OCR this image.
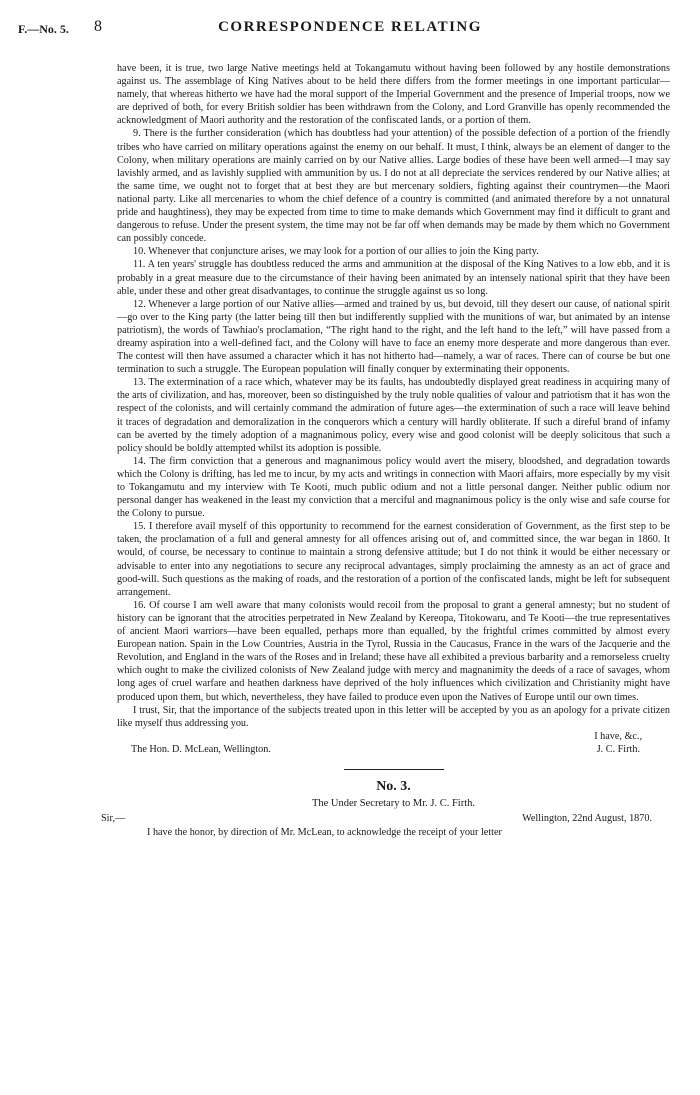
F.—No. 5. 8	CORRESPONDENCE RELATING

have been, it is true, two large Native meetings held at Tokangamutu without having been followed by any hostile demonstrations against us. The assemblage of King Natives about to be held there differs from the former meetings in one important particular—namely, that whereas hitherto we have had the moral support of the Imperial Government and the presence of Imperial troops, now we are deprived of both, for every British soldier has been withdrawn from the Colony, and Lord Granville has openly recommended the acknowledgment of Maori authority and the restoration of the confiscated lands, or a portion of them.

9. There is the further consideration (which has doubtless had your attention) of the possible defection of a portion of the friendly tribes who have carried on military operations against the enemy on our behalf. It must, I think, always be an element of danger to the Colony, when military operations are mainly carried on by our Native allies. Large bodies of these have been well armed—I may say lavishly armed, and as lavishly supplied with ammunition by us. I do not at all depreciate the services rendered by our Native allies; at the same time, we ought not to forget that at best they are but mercenary soldiers, fighting against their countrymen—the Maori national party. Like all mercenaries to whom the chief defence of a country is committed (and animated therefore by a not unnatural pride and haughtiness), they may be expected from time to time to make demands which Government may find it difficult to grant and dangerous to refuse. Under the present system, the time may not be far off when demands may be made by them which no Government can possibly concede.

10. Whenever that conjuncture arises, we may look for a portion of our allies to join the King party.

11. A ten years' struggle has doubtless reduced the arms and ammunition at the disposal of the King Natives to a low ebb, and it is probably in a great measure due to the circumstance of their having been animated by an intensely national spirit that they have been able, under these and other great disadvantages, to continue the struggle against us so long.

12. Whenever a large portion of our Native allies—armed and trained by us, but devoid, till they desert our cause, of national spirit—go over to the King party (the latter being till then but indifferently supplied with the munitions of war, but animated by an intense patriotism), the words of Tawhiao's proclamation, “The right hand to the right, and the left hand to the left,” will have passed from a dreamy aspiration into a well-defined fact, and the Colony will have to face an enemy more desperate and more dangerous than ever. The contest will then have assumed a character which it has not hitherto had—namely, a war of races. There can of course be but one termination to such a struggle. The European population will finally conquer by exterminating their opponents.

13. The extermination of a race which, whatever may be its faults, has undoubtedly displayed great readiness in acquiring many of the arts of civilization, and has, moreover, been so distinguished by the truly noble qualities of valour and patriotism that it has won the respect of the colonists, and will certainly command the admiration of future ages—the extermination of such a race will leave behind it traces of degradation and demoralization in the conquerors which a century will hardly obliterate. If such a direful brand of infamy can be averted by the timely adoption of a magnanimous policy, every wise and good colonist will be deeply solicitous that such a policy should be boldly attempted whilst its adoption is possible.

14. The firm conviction that a generous and magnanimous policy would avert the misery, bloodshed, and degradation towards which the Colony is drifting, has led me to incur, by my acts and writings in connection with Maori affairs, more especially by my visit to Tokangamutu and my interview with Te Kooti, much public odium and not a little personal danger. Neither public odium nor personal danger has weakened in the least my conviction that a merciful and magnanimous policy is the only wise and safe course for the Colony to pursue.

15. I therefore avail myself of this opportunity to recommend for the earnest consideration of Government, as the first step to be taken, the proclamation of a full and general amnesty for all offences arising out of, and committed since, the war began in 1860. It would, of course, be necessary to continue to maintain a strong defensive attitude; but I do not think it would be either necessary or advisable to enter into any negotiations to secure any reciprocal advantages, simply proclaiming the amnesty as an act of grace and good-will. Such questions as the making of roads, and the restoration of a portion of the confiscated lands, might be left for subsequent arrangement.

16. Of course I am well aware that many colonists would recoil from the proposal to grant a general amnesty; but no student of history can be ignorant that the atrocities perpetrated in New Zealand by Kereopa, Titokowaru, and Te Kooti—the true representatives of ancient Maori warriors—have been equalled, perhaps more than equalled, by the frightful crimes committed by almost every European nation. Spain in the Low Countries, Austria in the Tyrol, Russia in the Caucasus, France in the wars of the Jacquerie and the Revolution, and England in the wars of the Roses and in Ireland; these have all exhibited a previous barbarity and a remorseless cruelty which ought to make the civilized colonists of New Zealand judge with mercy and magnanimity the deeds of a race of savages, whom long ages of cruel warfare and heathen darkness have deprived of the holy influences which civilization and Christianity might have produced upon them, but which, nevertheless, they have failed to produce even upon the Natives of Europe until our own times.

I trust, Sir, that the importance of the subjects treated upon in this letter will be accepted by you as an apology for a private citizen like myself thus addressing you.

I have, &c.,

The Hon. D. McLean, Wellington.	J. C. Firth.
No. 3.
The Under Secretary to Mr. J. C. Firth.
Sir,—	Wellington, 22nd August, 1870.

I have the honor, by direction of Mr. McLean, to acknowledge the receipt of your letter
